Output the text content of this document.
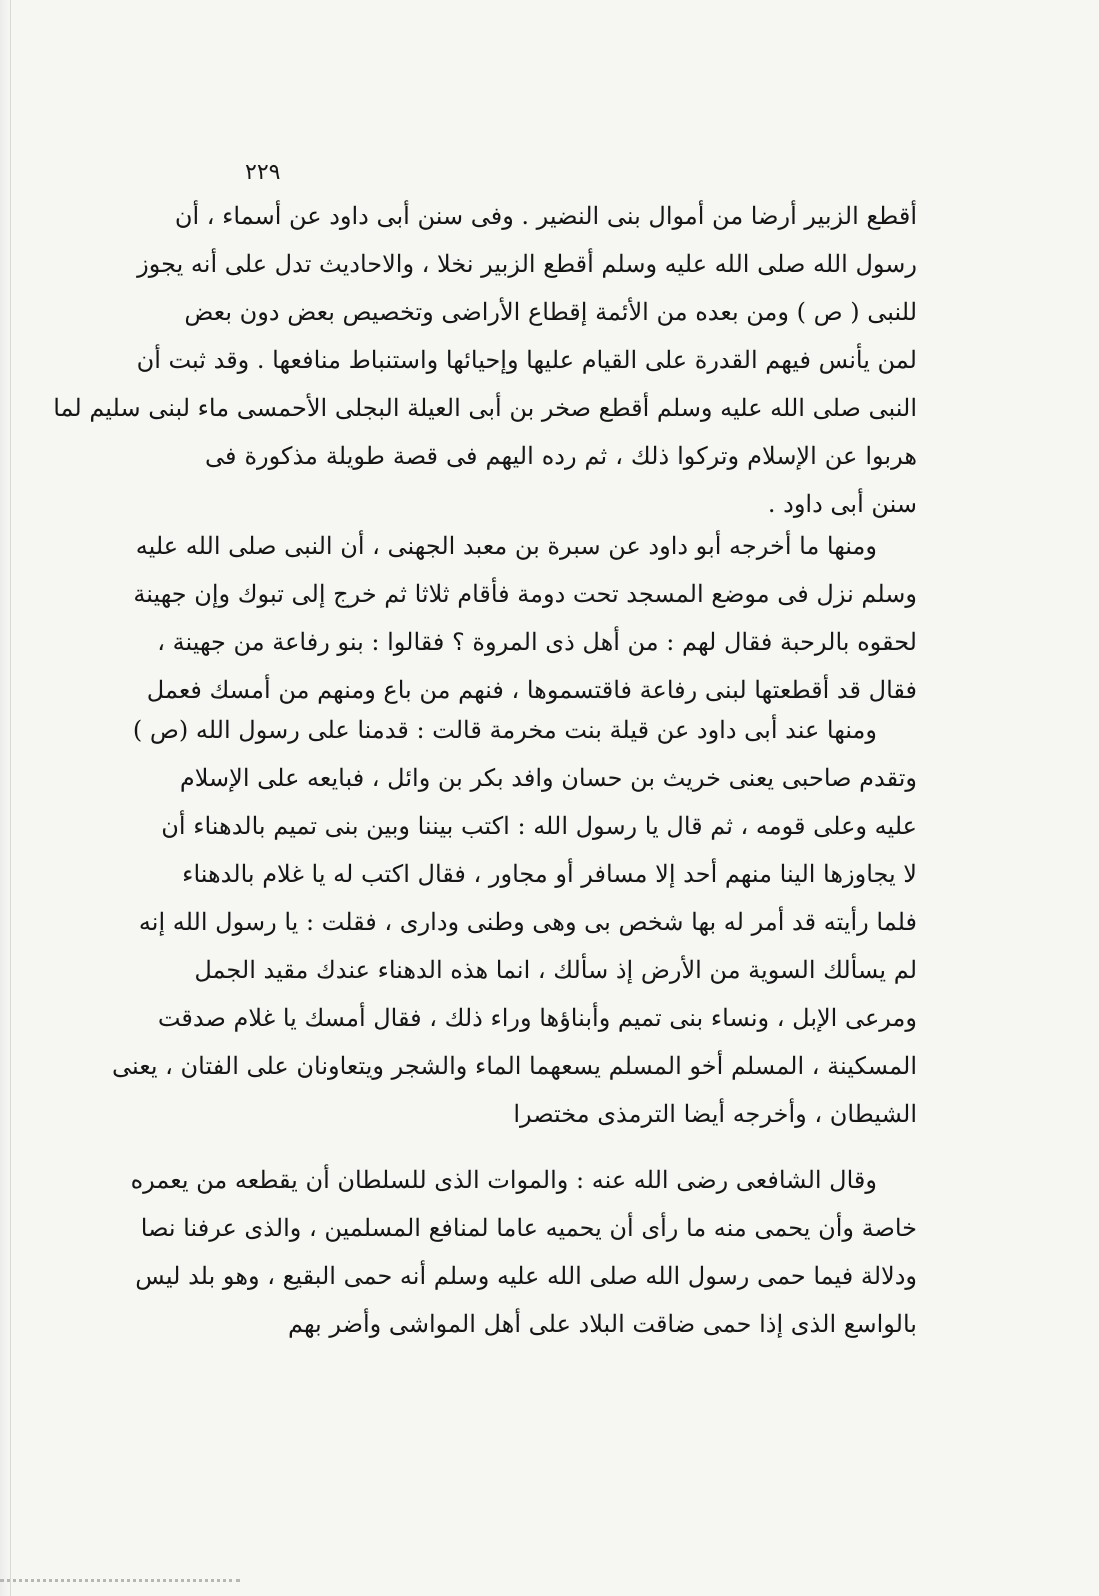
٢٢٩
أقطع الزبير أرضا من أموال بنى النضير . وفى سنن أبى داود عن أسماء ، أن
رسول الله صلى الله عليه وسلم أقطع الزبير نخلا ، والاحاديث تدل على أنه يجوز
للنبى ( ص ) ومن بعده من الأئمة إقطاع الأراضى وتخصيص بعض دون بعض
لمن يأنس فيهم القدرة على القيام عليها وإحيائها واستنباط منافعها . وقد ثبت أن
النبى صلى الله عليه وسلم أقطع صخر بن أبى العيلة البجلى الأحمسى ماء لبنى سليم لما
هربوا عن الإسلام وتركوا ذلك ، ثم رده اليهم فى قصة طويلة مذكورة فى
سنن أبى داود .
ومنها ما أخرجه أبو داود عن سبرة بن معبد الجهنى ، أن النبى صلى الله عليه
وسلم نزل فى موضع المسجد تحت دومة فأقام ثلاثا ثم خرج إلى تبوك وإن جهينة
لحقوه بالرحبة فقال لهم : من أهل ذى المروة ؟ فقالوا : بنو رفاعة من جهينة ،
فقال قد أقطعتها لبنى رفاعة فاقتسموها ، فنهم من باع ومنهم من أمسك فعمل
ومنها عند أبى داود عن قيلة بنت مخرمة قالت : قدمنا على رسول الله (ص )
وتقدم صاحبى يعنى خريث بن حسان وافد بكر بن وائل ، فبايعه على الإسلام
عليه وعلى قومه ، ثم قال يا رسول الله : اكتب بيننا وبين بنى تميم بالدهناء أن
لا يجاوزها الينا منهم أحد إلا مسافر أو مجاور ، فقال اكتب له يا غلام بالدهناء
فلما رأيته قد أمر له بها شخص بى وهى وطنى ودارى ، فقلت : يا رسول الله إنه
لم يسألك السوية من الأرض إذ سألك ، انما هذه الدهناء عندك مقيد الجمل
ومرعى الإبل ، ونساء بنى تميم وأبناؤها وراء ذلك ، فقال أمسك يا غلام صدقت
المسكينة ، المسلم أخو المسلم يسعهما الماء والشجر ويتعاونان على الفتان ، يعنى
الشيطان ، وأخرجه أيضا الترمذى مختصرا
وقال الشافعى رضى الله عنه : والموات الذى للسلطان أن يقطعه من يعمره
خاصة وأن يحمى منه ما رأى أن يحميه عاما لمنافع المسلمين ، والذى عرفنا نصا
ودلالة فيما حمى رسول الله صلى الله عليه وسلم أنه حمى البقيع ، وهو بلد ليس
بالواسع الذى إذا حمى ضاقت البلاد على أهل المواشى وأضر بهم
